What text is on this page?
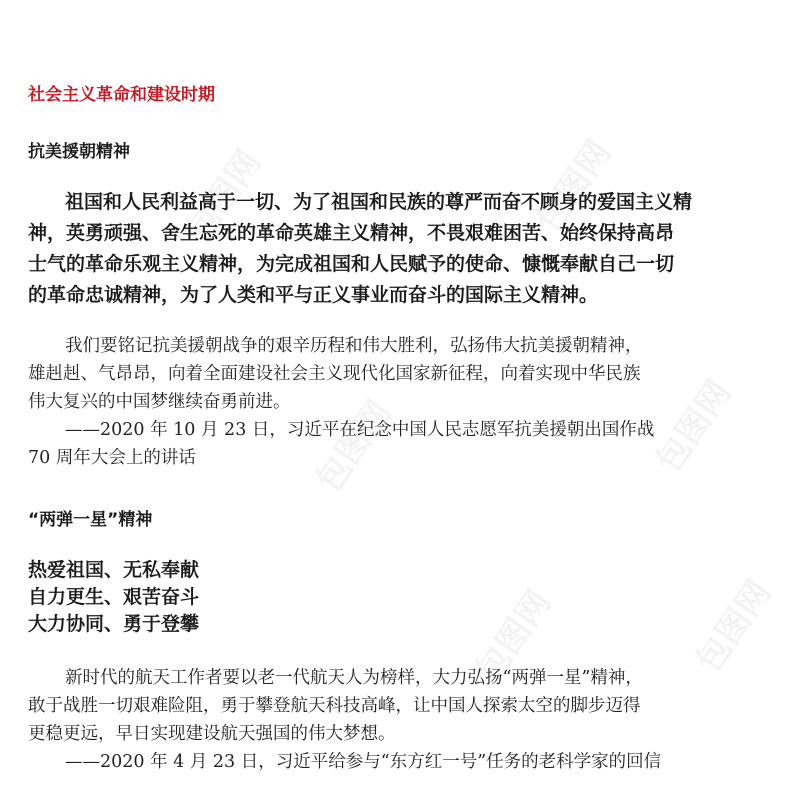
包图网	包图网
包图网	包图网
包图网	包图网
社会主义革命和建设时期
抗美援朝精神

祖国和人民利益高于一切、为了祖国和民族的尊严而奋不顾身的爱国主义精
神，英勇顽强、舍生忘死的革命英雄主义精神，不畏艰难困苦、始终保持高昂
士气的革命乐观主义精神，为完成祖国和人民赋予的使命、慷慨奉献自己一切
的革命忠诚精神，为了人类和平与正义事业而奋斗的国际主义精神。

我们要铭记抗美援朝战争的艰辛历程和伟大胜利，弘扬伟大抗美援朝精神，
雄赳赳、气昂昂，向着全面建设社会主义现代化国家新征程，向着实现中华民族
伟大复兴的中国梦继续奋勇前进。
——2020 年 10 月 23 日，习近平在纪念中国人民志愿军抗美援朝出国作战
70 周年大会上的讲话

“两弹一星”精神
热爱祖国、无私奉献
自力更生、艰苦奋斗
大力协同、勇于登攀

新时代的航天工作者要以老一代航天人为榜样，大力弘扬“两弹一星”精神，
敢于战胜一切艰难险阻，勇于攀登航天科技高峰，让中国人探索太空的脚步迈得
更稳更远，早日实现建设航天强国的伟大梦想。
——2020 年 4 月 23 日，习近平给参与“东方红一号”任务的老科学家的回信
